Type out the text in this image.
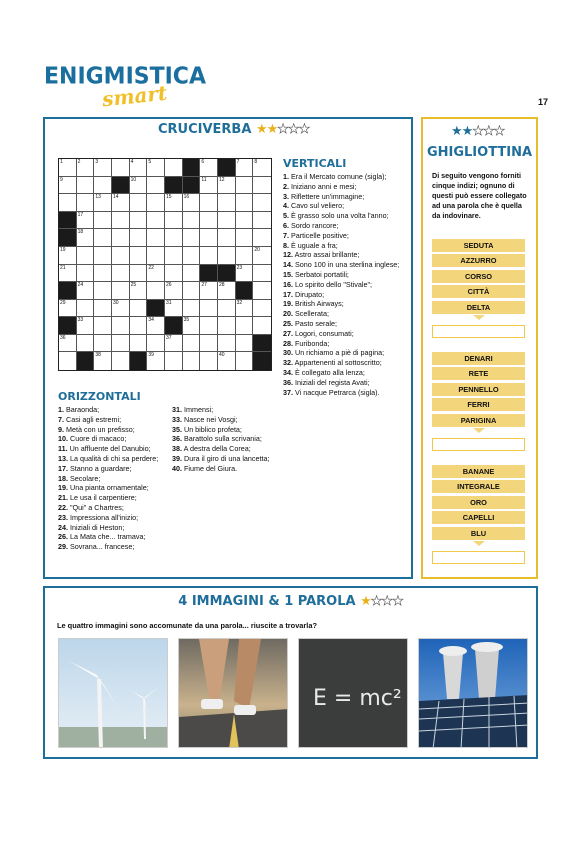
ENIGMISTICA
smart	17
CRUCIVERBA ★★★★★
1	2	3	4	5	6	7	8
9	10	11 12
13 14	15 16
17
18
19	20
21	22	23
24	25	26	27 28
29	30	31	32
33	34	35
36	37
38	39	40
VERTICALI
1. Era il Mercato comune (sigla);
2. Iniziano anni e mesi;
3. Riflettere un'immagine;
4. Cavo sul veliero;
5. È grasso solo una volta l'anno;
6. Sordo rancore;
7. Particelle positive;
8. È uguale a fra;
12. Astro assai brillante;
14. Sono 100 in una sterlina inglese;
15. Serbatoi portatili;
16. Lo spirito dello "Stivale";
17. Dirupato;
19. British Airways;
20. Scellerata;
25. Pasto serale;
27. Logori, consumati;
28. Furibonda;
30. Un richiamo a piè di pagina;
32. Appartenenti al sottoscritto;
34. È collegato alla lenza;
36. Iniziali del regista Avati;
37. Vi nacque Petrarca (sigla).
ORIZZONTALI
1. Baraonda;
7. Casi agli estremi;
9. Metà con un prefisso;
10. Cuore di macaco;
11. Un affluente del Danubio;
13. La qualità di chi sa perdere;
17. Stanno a guardare;
18. Secolare;
19. Una pianta ornamentale;
21. Le usa il carpentiere;
22. "Qui" a Chartres;
23. Impressiona all'inizio;
24. Iniziali di Heston;
26. La Mata che... tramava;
29. Sovrana... francese;
31. Immensi;
33. Nasce nei Vosgi;
35. Un biblico profeta;
36. Barattolo sulla scrivania;
38. A destra della Corea;
39. Dura il giro di una lancetta;
40. Fiume del Giura.
★★★★★
GHIGLIOTTINA
Di seguito vengono forniti cinque indizi; ognuno di questi può essere collegato ad una parola che è quella da indovinare.
SEDUTA
AZZURRO
CORSO
CITTÀ
DELTA
DENARI
RETE
PENNELLO
FERRI
PARIGINA
BANANE
INTEGRALE
ORO
CAPELLI
BLU
4 IMMAGINI & 1 PAROLA ★★★★
Le quattro immagini sono accomunate da una parola... riuscite a trovarla?
E = mc²
